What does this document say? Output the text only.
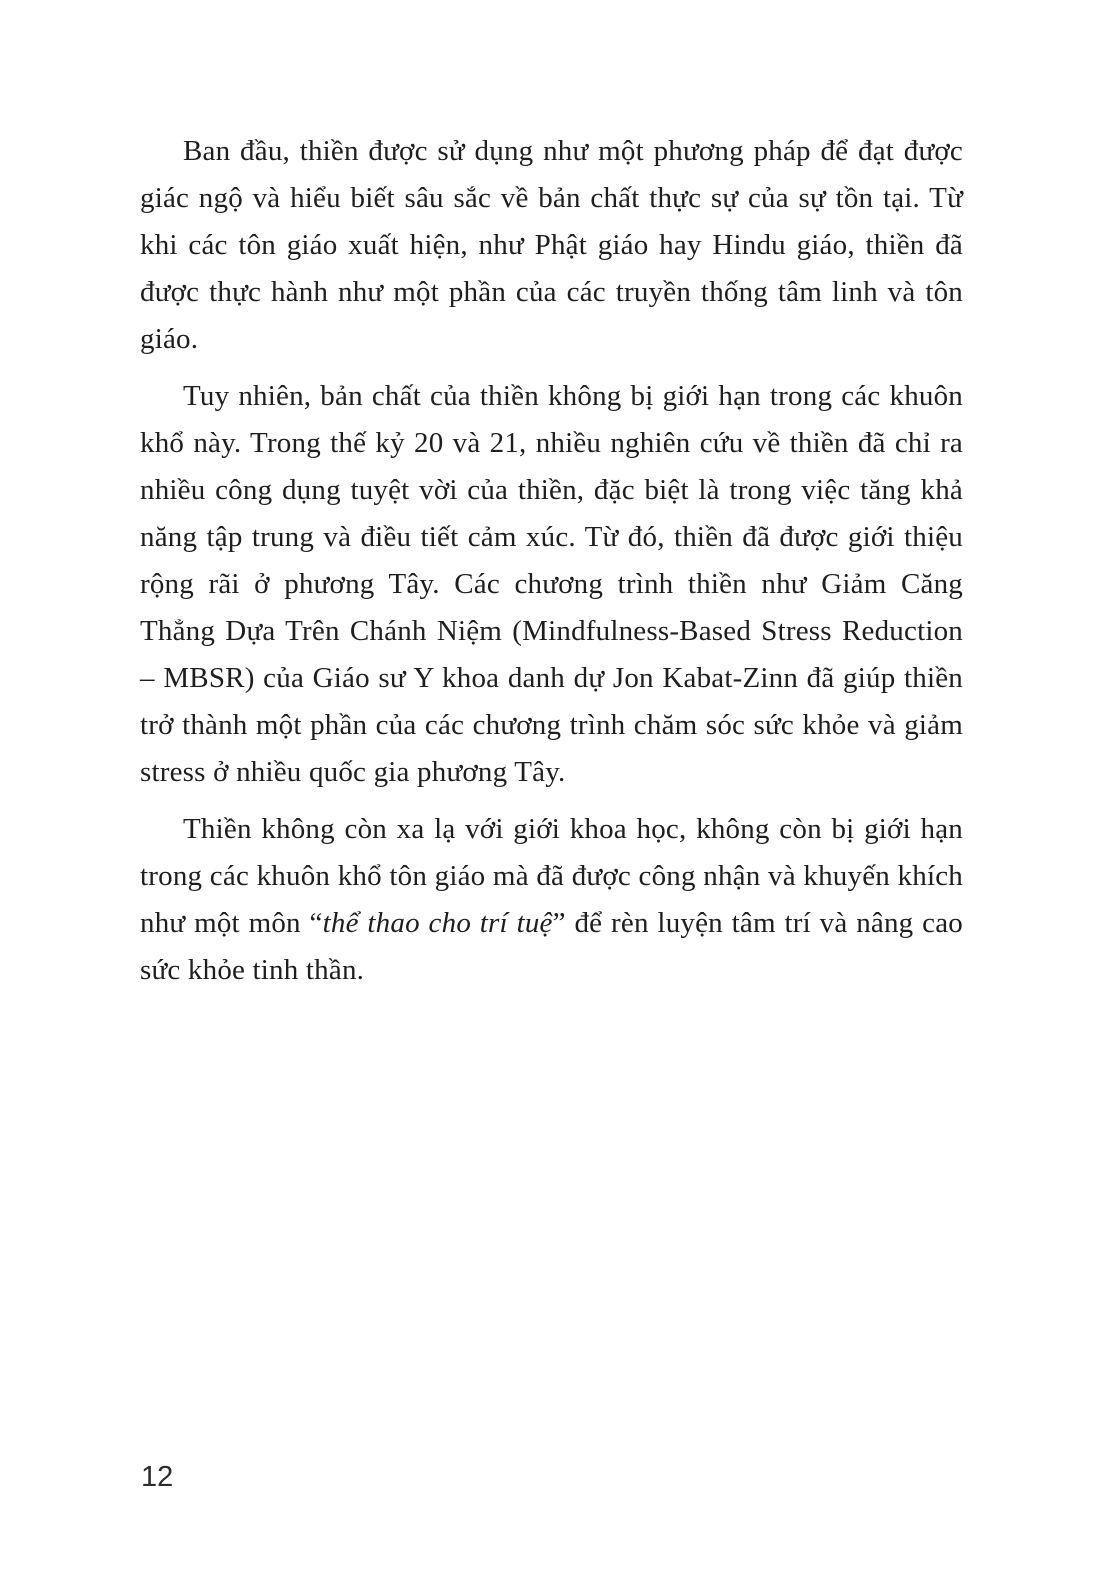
Ban đầu, thiền được sử dụng như một phương pháp để đạt được giác ngộ và hiểu biết sâu sắc về bản chất thực sự của sự tồn tại. Từ khi các tôn giáo xuất hiện, như Phật giáo hay Hindu giáo, thiền đã được thực hành như một phần của các truyền thống tâm linh và tôn giáo.

Tuy nhiên, bản chất của thiền không bị giới hạn trong các khuôn khổ này. Trong thế kỷ 20 và 21, nhiều nghiên cứu về thiền đã chỉ ra nhiều công dụng tuyệt vời của thiền, đặc biệt là trong việc tăng khả năng tập trung và điều tiết cảm xúc. Từ đó, thiền đã được giới thiệu rộng rãi ở phương Tây. Các chương trình thiền như Giảm Căng Thẳng Dựa Trên Chánh Niệm (Mindfulness-Based Stress Reduction – MBSR) của Giáo sư Y khoa danh dự Jon Kabat-Zinn đã giúp thiền trở thành một phần của các chương trình chăm sóc sức khỏe và giảm stress ở nhiều quốc gia phương Tây.

Thiền không còn xa lạ với giới khoa học, không còn bị giới hạn trong các khuôn khổ tôn giáo mà đã được công nhận và khuyến khích như một môn “thể thao cho trí tuệ” để rèn luyện tâm trí và nâng cao sức khỏe tinh thần.

12
